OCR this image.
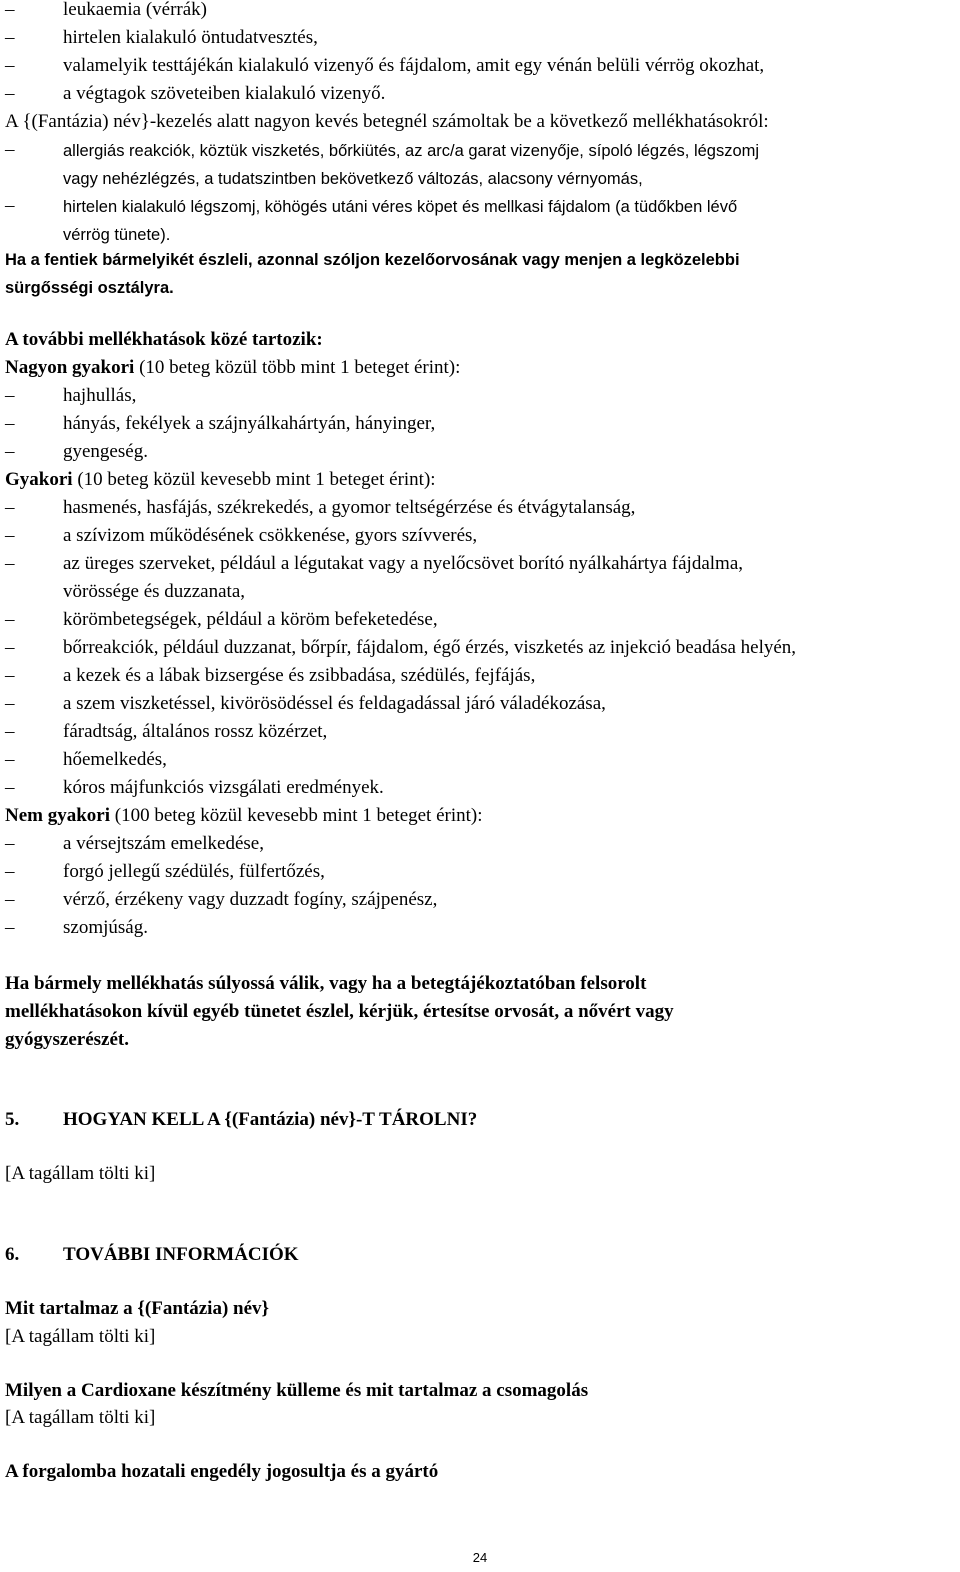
–	leukaemia (vérrák)
–	hirtelen kialakuló öntudatvesztés,
–	valamelyik testtájékán kialakuló vizenyő és fájdalom, amit egy vénán belüli vérrög okozhat,
–	a végtagok szöveteiben kialakuló vizenyő.
A {(Fantázia) név}-kezelés alatt nagyon kevés betegnél számoltak be a következő mellékhatásokról:
–	allergiás reakciók, köztük viszketés, bőrkiütés, az arc/a garat vizenyője, sípoló légzés, légszomj
vagy nehézlégzés, a tudatszintben bekövetkező változás, alacsony vérnyomás,
–	hirtelen kialakuló légszomj, köhögés utáni véres köpet és mellkasi fájdalom (a tüdőkben lévő
vérrög tünete).
Ha a fentiek bármelyikét észleli, azonnal szóljon kezelőorvosának vagy menjen a legközelebbi
sürgősségi osztályra.
A további mellékhatások közé tartozik:
Nagyon gyakori (10 beteg közül több mint 1 beteget érint):
–	hajhullás,
–	hányás, fekélyek a szájnyálkahártyán, hányinger,
–	gyengeség.
Gyakori (10 beteg közül kevesebb mint 1 beteget érint):
–	hasmenés, hasfájás, székrekedés, a gyomor teltségérzése és étvágytalanság,
–	a szívizom működésének csökkenése, gyors szívverés,
–	az üreges szerveket, például a légutakat vagy a nyelőcsövet borító nyálkahártya fájdalma,
vörössége és duzzanata,
–	körömbetegségek, például a köröm befeketedése,
–	bőrreakciók, például duzzanat, bőrpír, fájdalom, égő érzés, viszketés az injekció beadása helyén,
–	a kezek és a lábak bizsergése és zsibbadása, szédülés, fejfájás,
–	a szem viszketéssel, kivörösödéssel és feldagadással járó váladékozása,
–	fáradtság, általános rossz közérzet,
–	hőemelkedés,
–	kóros májfunkciós vizsgálati eredmények.
Nem gyakori (100 beteg közül kevesebb mint 1 beteget érint):
–	a vérsejtszám emelkedése,
–	forgó jellegű szédülés, fülfertőzés,
–	vérző, érzékeny vagy duzzadt fogíny, szájpenész,
–	szomjúság.
Ha bármely mellékhatás súlyossá válik, vagy ha a betegtájékoztatóban felsorolt
mellékhatásokon kívül egyéb tünetet észlel, kérjük, értesítse orvosát, a nővért vagy
gyógyszerészét.
5. HOGYAN KELL A {(Fantázia) név}-T TÁROLNI?
[A tagállam tölti ki]
6. TOVÁBBI INFORMÁCIÓK
Mit tartalmaz a {(Fantázia) név}
[A tagállam tölti ki]
Milyen a Cardioxane készítmény külleme és mit tartalmaz a csomagolás
[A tagállam tölti ki]
A forgalomba hozatali engedély jogosultja és a gyártó
24
